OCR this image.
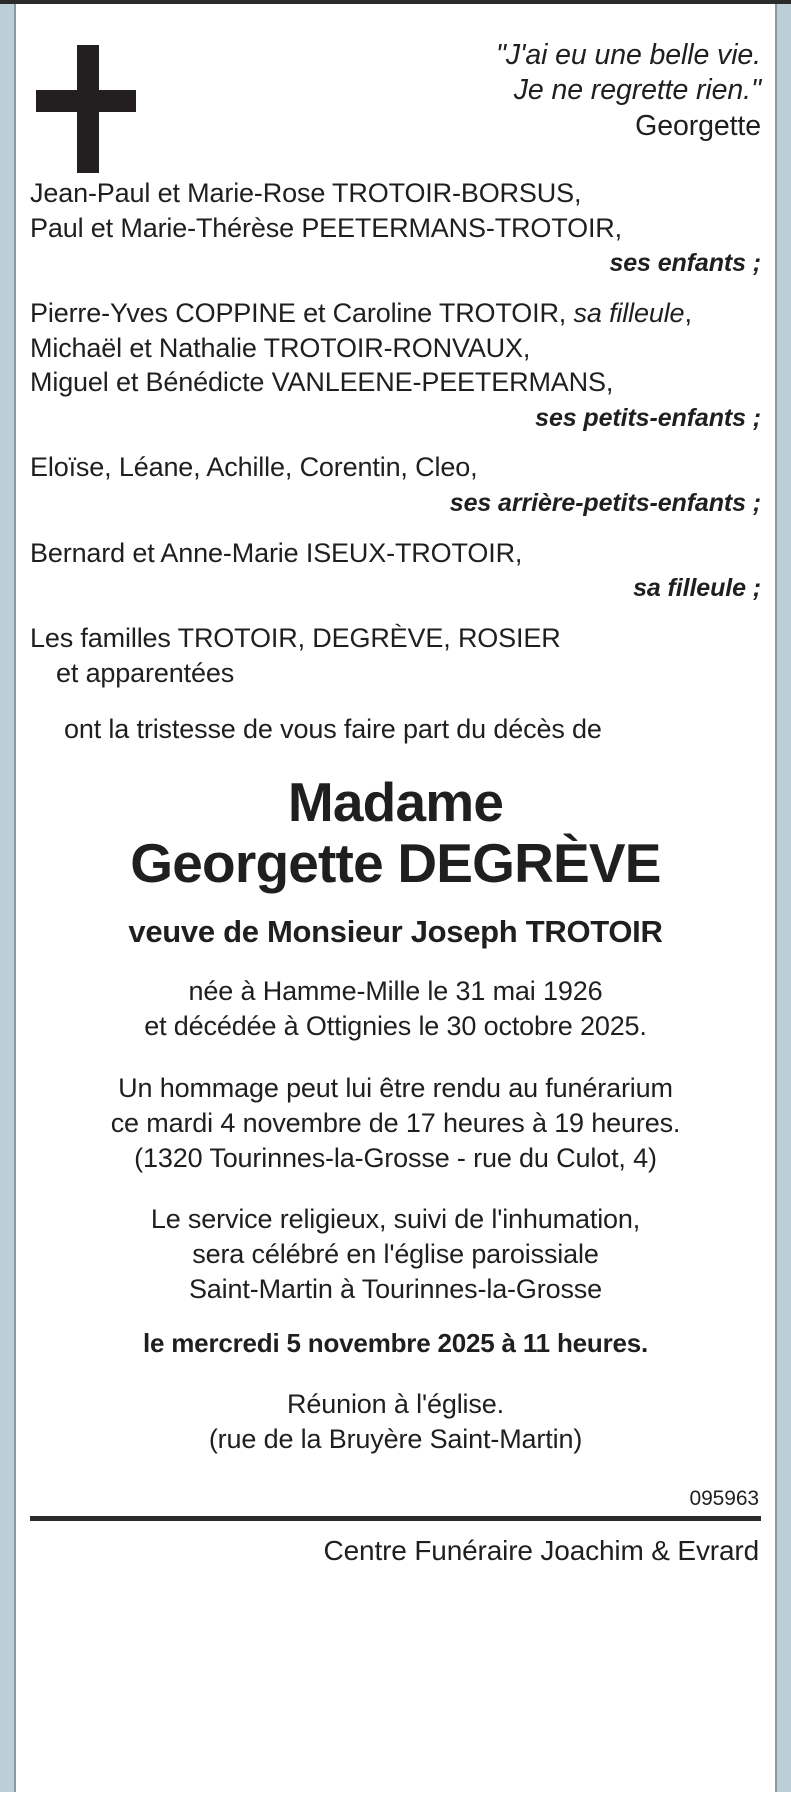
"J'ai eu une belle vie.
Je ne regrette rien."
Georgette
Jean-Paul et Marie-Rose TROTOIR-BORSUS,
Paul et Marie-Thérèse PEETERMANS-TROTOIR,
ses enfants ;
Pierre-Yves COPPINE et Caroline TROTOIR, sa filleule,
Michaël et Nathalie TROTOIR-RONVAUX,
Miguel et Bénédicte VANLEENE-PEETERMANS,
ses petits-enfants ;
Eloïse, Léane, Achille, Corentin, Cleo,
ses arrière-petits-enfants ;
Bernard et Anne-Marie ISEUX-TROTOIR,
sa filleule ;
Les familles TROTOIR, DEGRÈVE, ROSIER
et apparentées
ont la tristesse de vous faire part du décès de
Madame
Georgette DEGRÈVE
veuve de Monsieur Joseph TROTOIR
née à Hamme-Mille le 31 mai 1926
et décédée à Ottignies le 30 octobre 2025.
Un hommage peut lui être rendu au funérarium
ce mardi 4 novembre de 17 heures à 19 heures.
(1320 Tourinnes-la-Grosse - rue du Culot, 4)
Le service religieux, suivi de l'inhumation,
sera célébré en l'église paroissiale
Saint-Martin à Tourinnes-la-Grosse
le mercredi 5 novembre 2025 à 11 heures.
Réunion à l'église.
(rue de la Bruyère Saint-Martin)
095963
Centre Funéraire Joachim & Evrard
